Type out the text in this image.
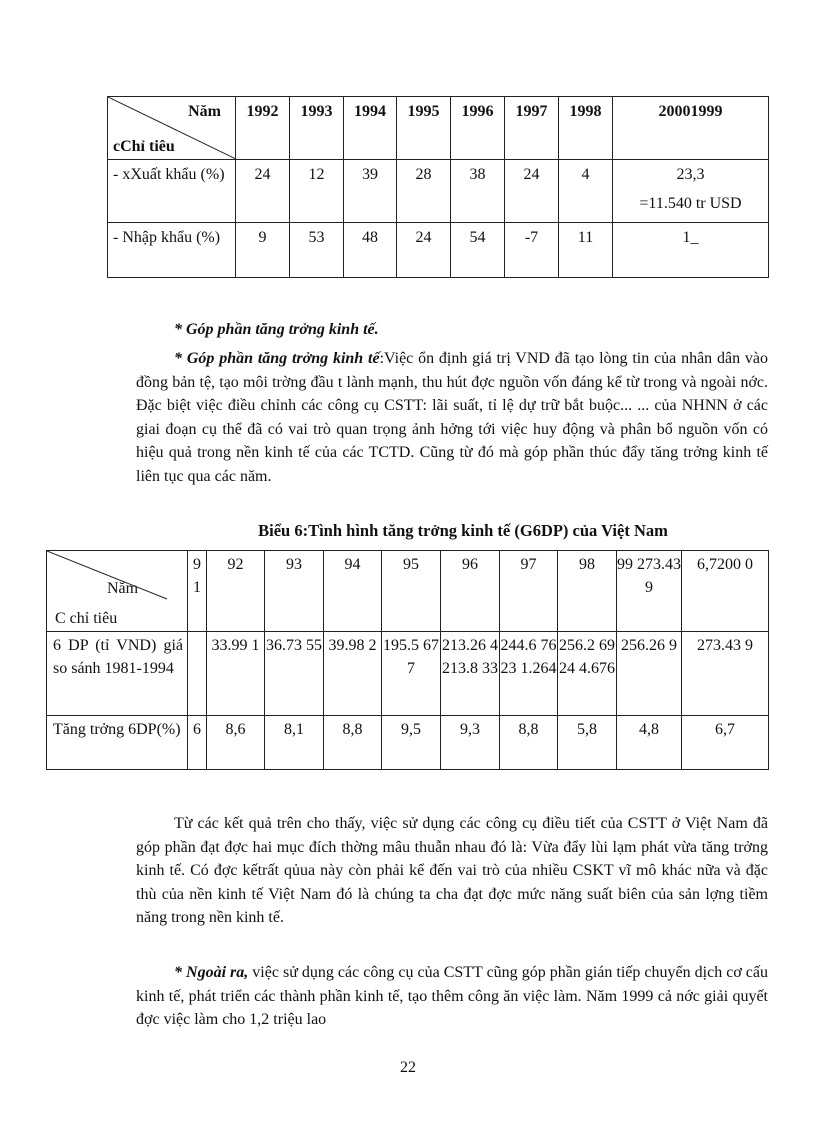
Năm
cChỉ tiêu	1992	1993	1994	1995	1996	1997	1998	20001999
- xXuất khẩu (%)	24	12	39	28	38	24	4	23,3
=11.540 tr USD

- Nhập khẩu (%)	9	53	48	24	54	-7	11	1_

* Góp phần tăng trởng kinh tế.

* Góp phần tăng trởng kinh tế:Việc ổn định giá trị VND đã tạo lòng tin của nhân dân vào đồng bản tệ, tạo môi trờng đầu t lành mạnh, thu hút đợc nguồn vốn đáng kể từ trong và ngoài nớc. Đặc biệt việc điều chỉnh các công cụ CSTT: lãi suất, tỉ lệ dự trữ bắt buộc... ... của NHNN ở các giai đoạn cụ thể đã có vai trò quan trọng ảnh hởng tới việc huy động và phân bổ nguồn vốn có hiệu quả trong nền kinh tế của các TCTD. Cũng từ đó mà góp phần thúc đẩy tăng trởng kinh tế liên tục qua các năm.

Biểu 6:Tình hình tăng trởng kinh tế (G6DP) của Việt Nam
Năm
C chỉ tiêu	9 1	92	93	94	95	96	97	98	99 273.43 9	6,7200 0
6 DP (tỉ VND) giá so sánh 1981-1994		33.99 1	36.73 55	39.98 2	195.5 677	213.26 4213.8 33	244.6 7623 1.264	256.2 6924 4.676	256.26 9	273.43 9
Tăng trởng 6DP(%)	6	8,6	8,1	8,8	9,5	9,3	8,8	5,8	4,8	6,7

Từ các kết quả trên cho thấy, việc sử dụng các công cụ điều tiết của CSTT ở Việt Nam đã góp phần đạt đợc hai mục đích thờng mâu thuẫn nhau đó là: Vừa đẩy lùi lạm phát vừa tăng trởng kinh tế. Có đợc kếtrất qủua này còn phải kể đến vai trò của nhiều CSKT vĩ mô khác nữa và đặc thù của nền kinh tế Việt Nam đó là chúng ta cha đạt đợc mức năng suất biên của sản lợng tiềm năng trong nền kinh tế.

* Ngoài ra, việc sử dụng các công cụ của CSTT cũng góp phần gián tiếp chuyển dịch cơ cấu kinh tế, phát triển các thành phần kinh tế, tạo thêm công ăn việc làm. Năm 1999 cả nớc giải quyết đợc việc làm cho 1,2 triệu lao

22
